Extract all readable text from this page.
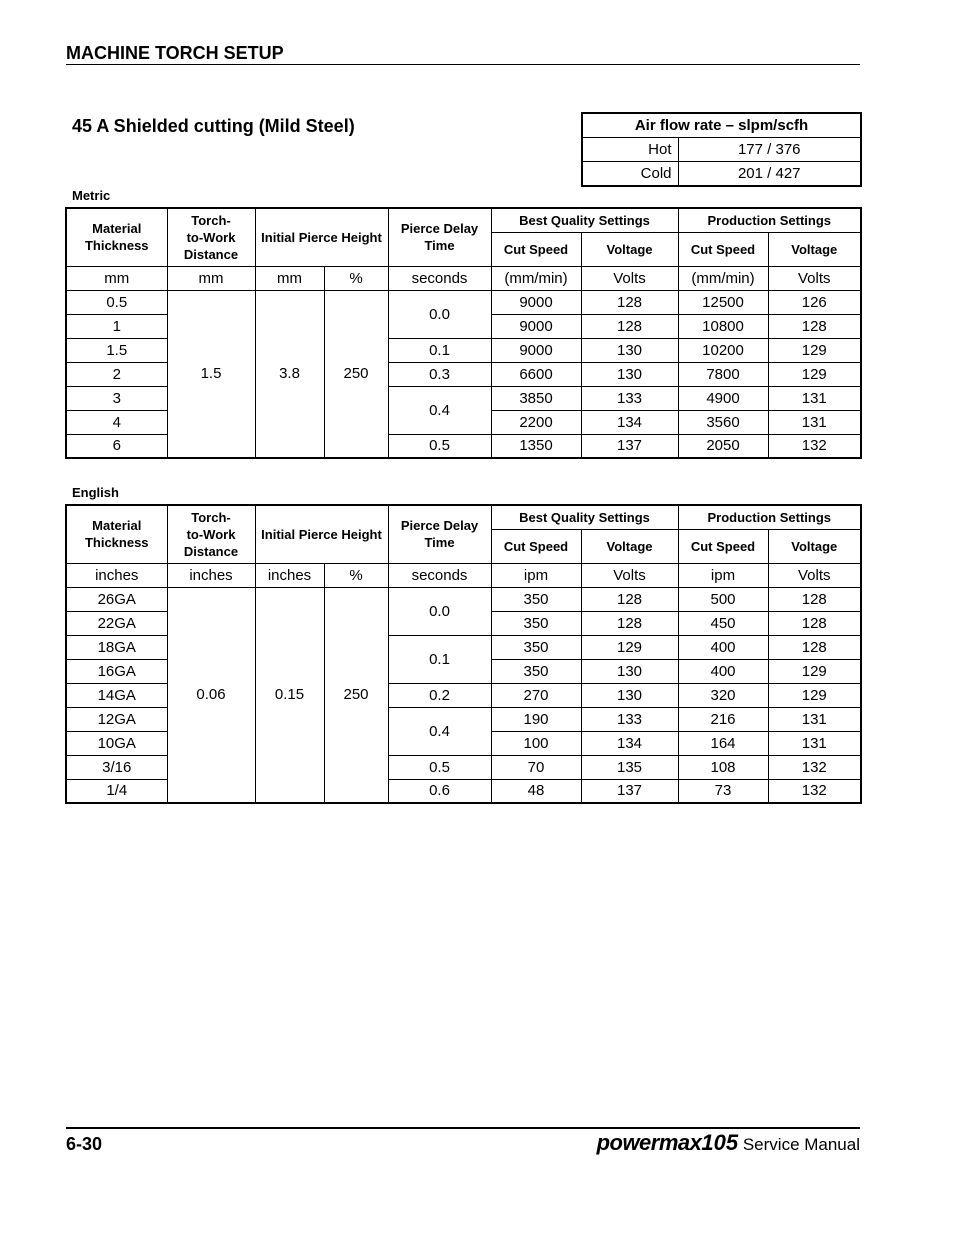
MACHINE TORCH SETUP
45 A Shielded cutting (Mild Steel)	Air flow rate – slpm/scfh	
Hot	177 / 376
Cold	201 / 427
Metric
Material Thickness	Torch-
to-Work
Distance	Initial Pierce Height		Pierce Delay Time	Best Quality Settings		Production Settings	
					Cut Speed	Voltage	Cut Speed	Voltage
mm	mm	mm	%	seconds	(mm/min)	Volts	(mm/min)	Volts
0.5	1.5	3.8	250	0.0	9000	128	12500	126
1					9000	128	10800	128
1.5				0.1	9000	130	10200	129
2				0.3	6600	130	7800	129
3				0.4	3850	133	4900	131
4					2200	134	3560	131
6				0.5	1350	137	2050	132
English
Material Thickness	Torch-
to-Work
Distance	Initial Pierce Height		Pierce Delay Time	Best Quality Settings		Production Settings	
					Cut Speed	Voltage	Cut Speed	Voltage
inches	inches	inches	%	seconds	ipm	Volts	ipm	Volts
26GA	0.06	0.15	250	0.0	350	128	500	128
22GA					350	128	450	128
18GA				0.1	350	129	400	128
16GA					350	130	400	129
14GA				0.2	270	130	320	129
12GA				0.4	190	133	216	131
10GA					100	134	164	131
3/16				0.5	70	135	108	132
1/4				0.6	48	137	73	132
6-30	powermax105 Service Manual
